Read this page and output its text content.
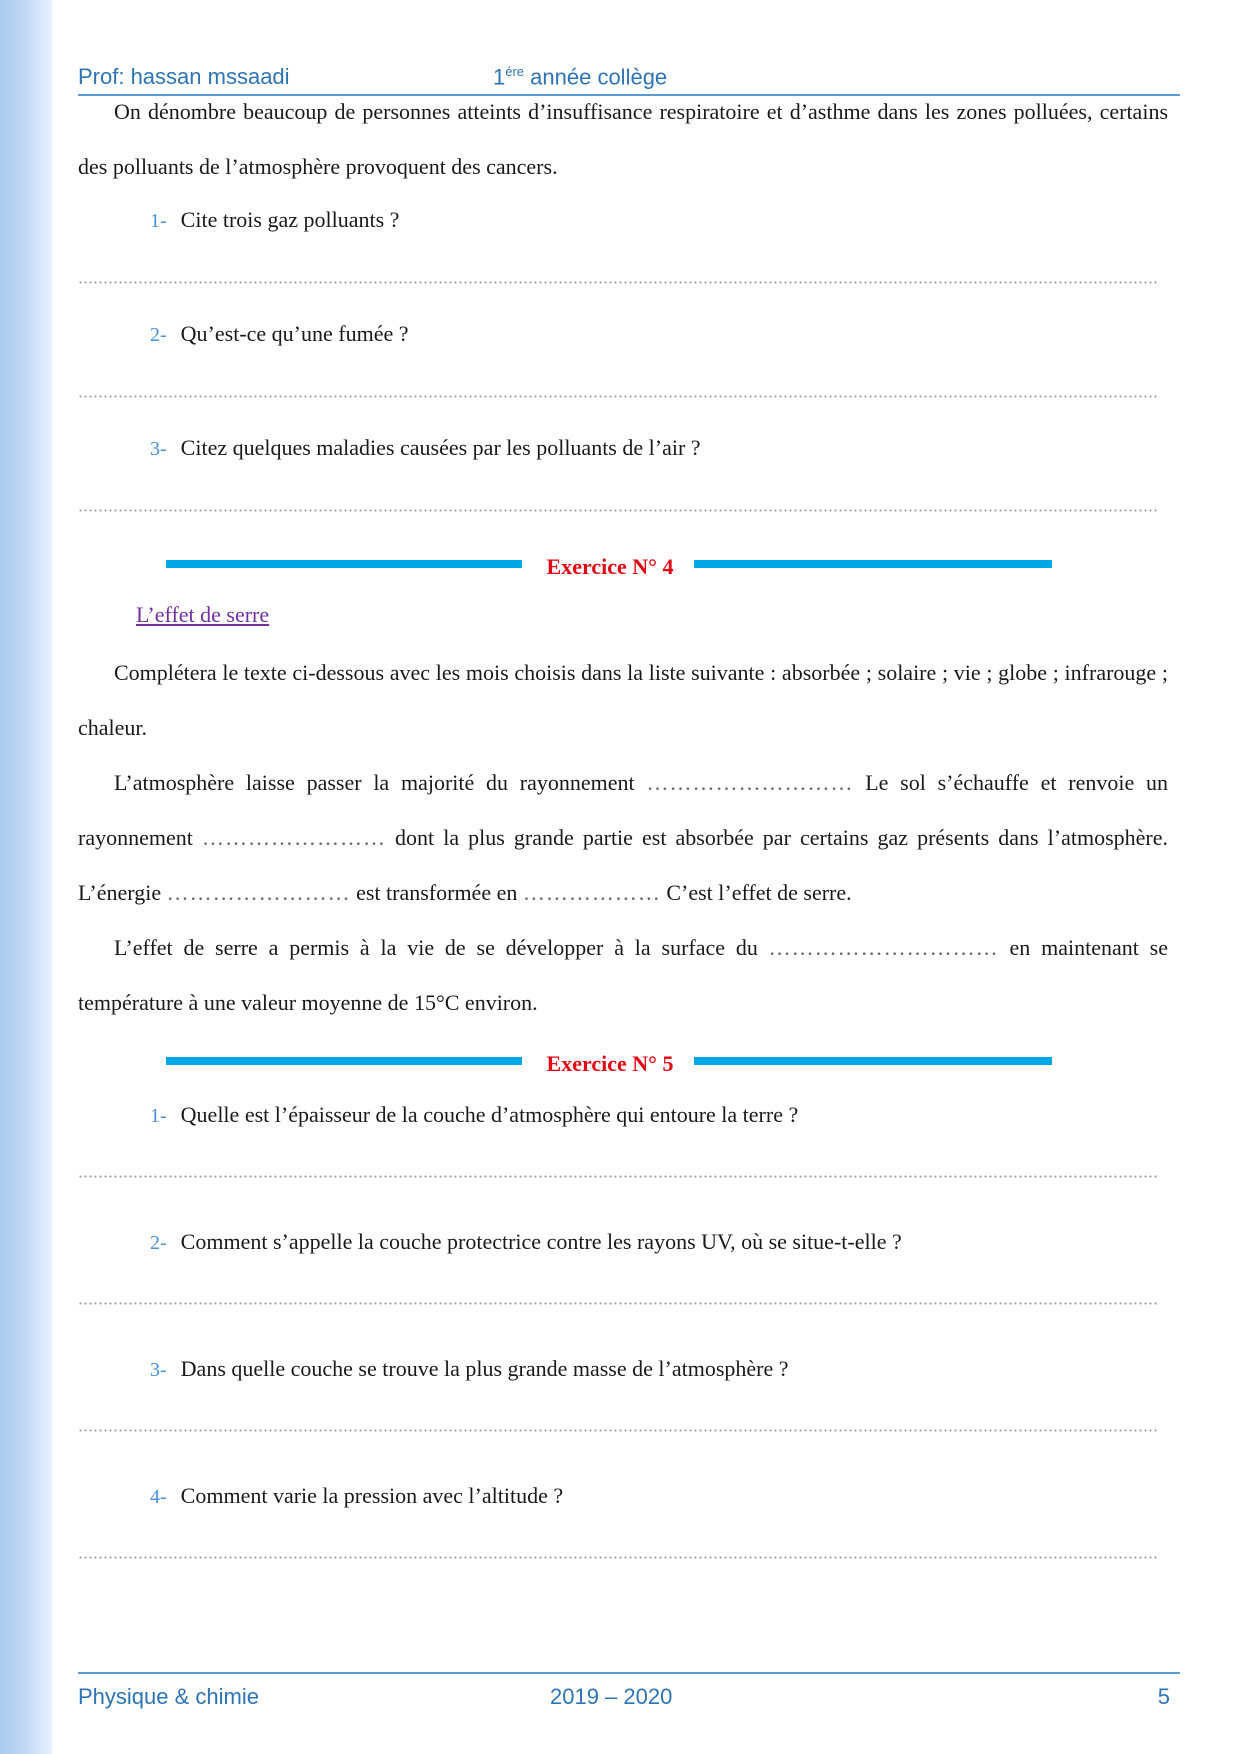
Prof: hassan mssaadi	$1^{ére}$ année collège
On dénombre beaucoup de personnes atteints d’insuffisance respiratoire et d’asthme dans les zones polluées, certains des polluants de l’atmosphère provoquent des cancers.
1- Cite trois gaz polluants ?
2- Qu’est-ce qu’une fumée ?
3- Citez quelques maladies causées par les polluants de l’air ?
Exercice N° 4
L’effet de serre
Complétera le texte ci-dessous avec les mois choisis dans la liste suivante : absorbée ; solaire ; vie ; globe ; infrarouge ; chaleur.
L’atmosphère laisse passer la majorité du rayonnement ……………………… Le sol s’échauffe et renvoie un rayonnement …………………… dont la plus grande partie est absorbée par certains gaz présents dans l’atmosphère. L’énergie …………………… est transformée en ……………… C’est l’effet de serre.
L’effet de serre a permis à la vie de se développer à la surface du ………………………… en maintenant se température à une valeur moyenne de 15°C environ.
Exercice N° 5
1- Quelle est l’épaisseur de la couche d’atmosphère qui entoure la terre ?
2- Comment s’appelle la couche protectrice contre les rayons UV, où se situe-t-elle ?
3- Dans quelle couche se trouve la plus grande masse de l’atmosphère ?
4- Comment varie la pression avec l’altitude ?
Physique & chimie	2019 – 2020	5
